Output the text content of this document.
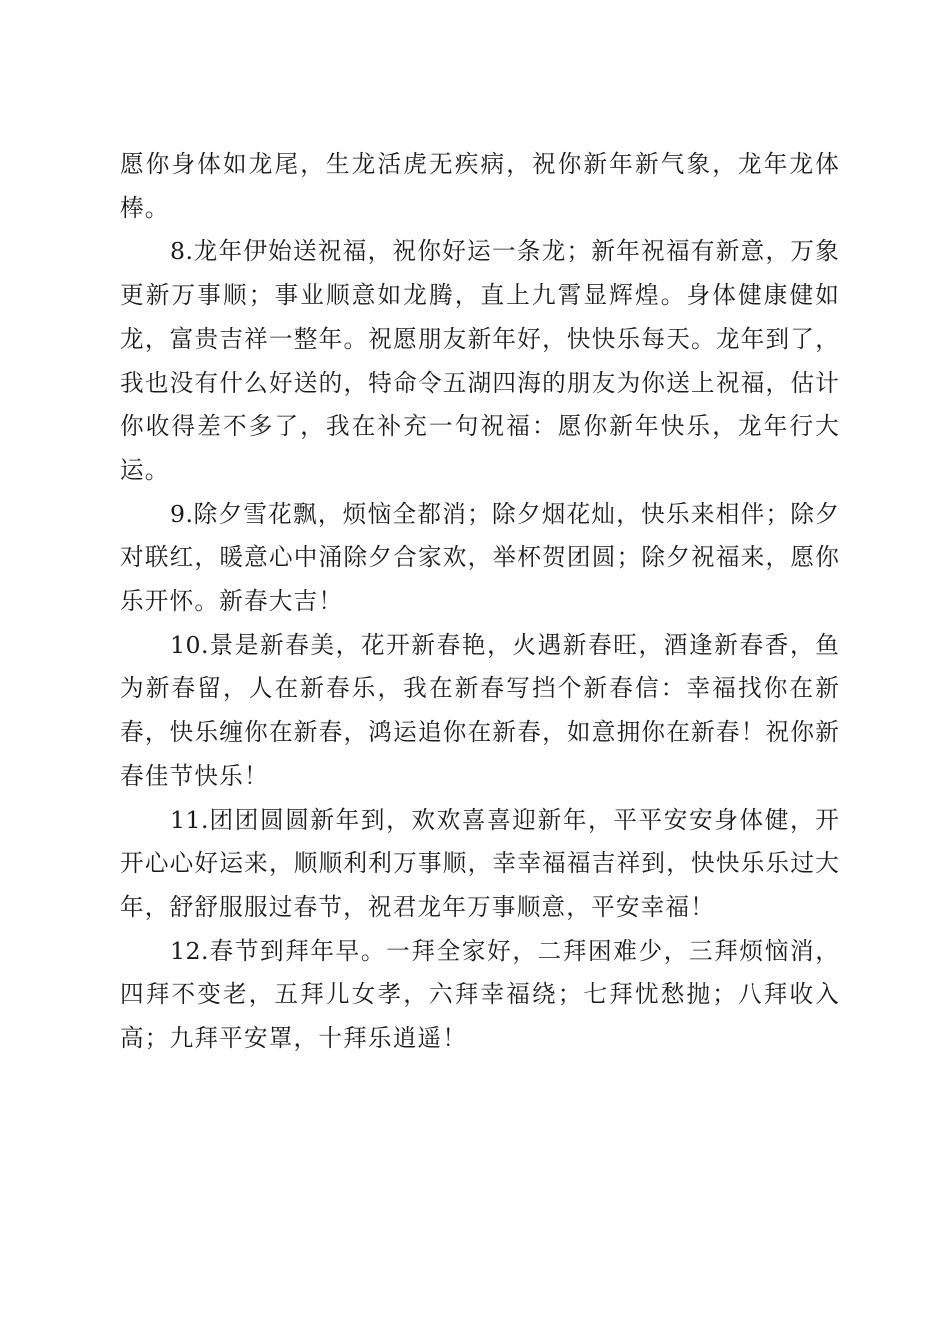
愿你身体如龙尾，生龙活虎无疾病，祝你新年新气象，龙年龙体棒。

8.龙年伊始送祝福，祝你好运一条龙；新年祝福有新意，万象更新万事顺；事业顺意如龙腾，直上九霄显辉煌。身体健康健如龙，富贵吉祥一整年。祝愿朋友新年好，快快乐每天。龙年到了，我也没有什么好送的，特命令五湖四海的朋友为你送上祝福，估计你收得差不多了，我在补充一句祝福：愿你新年快乐，龙年行大运。

9.除夕雪花飘，烦恼全都消；除夕烟花灿，快乐来相伴；除夕对联红，暖意心中涌除夕合家欢，举杯贺团圆；除夕祝福来，愿你乐开怀。新春大吉！

10.景是新春美，花开新春艳，火遇新春旺，酒逢新春香，鱼为新春留，人在新春乐，我在新春写挡个新春信：幸福找你在新春，快乐缠你在新春，鸿运追你在新春，如意拥你在新春！祝你新春佳节快乐！

11.团团圆圆新年到，欢欢喜喜迎新年，平平安安身体健，开开心心好运来，顺顺利利万事顺，幸幸福福吉祥到，快快乐乐过大年，舒舒服服过春节，祝君龙年万事顺意，平安幸福！

12.春节到拜年早。一拜全家好，二拜困难少，三拜烦恼消，四拜不变老，五拜儿女孝，六拜幸福绕；七拜忧愁抛；八拜收入高；九拜平安罩，十拜乐逍遥！
